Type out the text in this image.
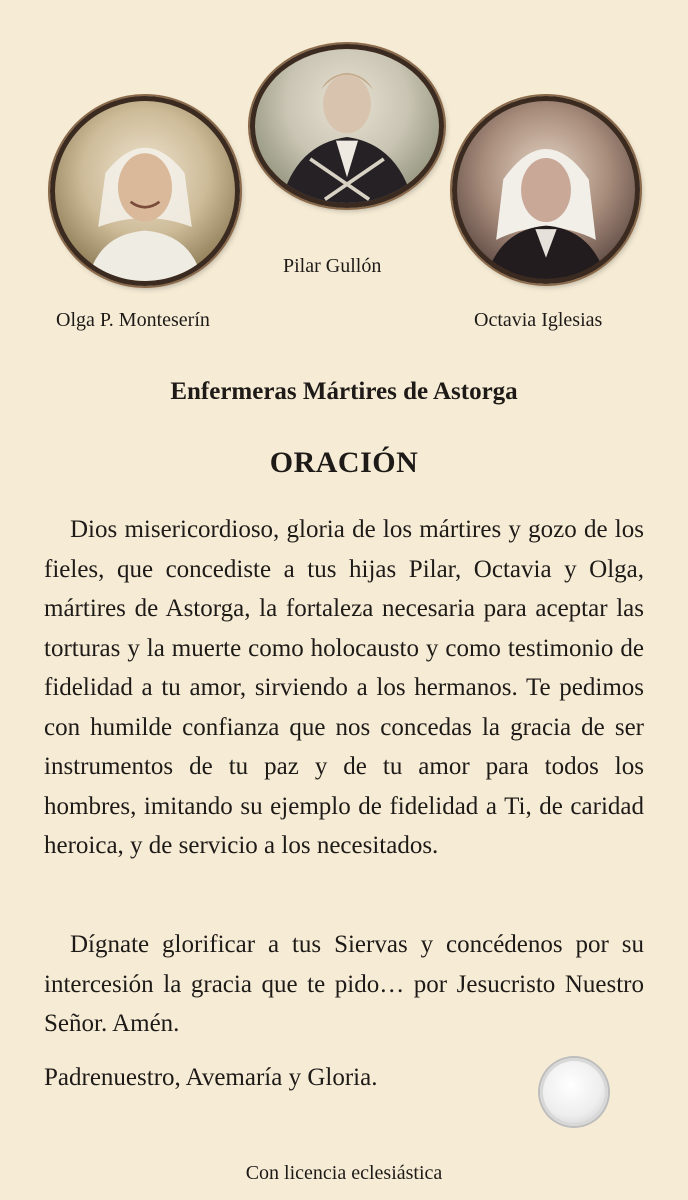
Pilar Gullón
Olga P. Monteserín	Octavia Iglesias
Enfermeras Mártires de Astorga
ORACIÓN
Dios misericordioso, gloria de los mártires y gozo de los fieles, que concediste a tus hijas Pilar, Octavia y Olga, mártires de Astorga, la fortaleza necesaria para aceptar las torturas y la muerte como holocausto y como testimonio de fidelidad a tu amor, sirviendo a los hermanos. Te pedimos con humilde confianza que nos concedas la gracia de ser instrumentos de tu paz y de tu amor para todos los hombres, imitando su ejemplo de fidelidad a Ti, de caridad heroica, y de servicio a los necesitados.
Dígnate glorificar a tus Siervas y concédenos por su intercesión la gracia que te pido… por Jesucristo Nuestro Señor. Amén.
Padrenuestro, Avemaría y Gloria.
Con licencia eclesiástica
